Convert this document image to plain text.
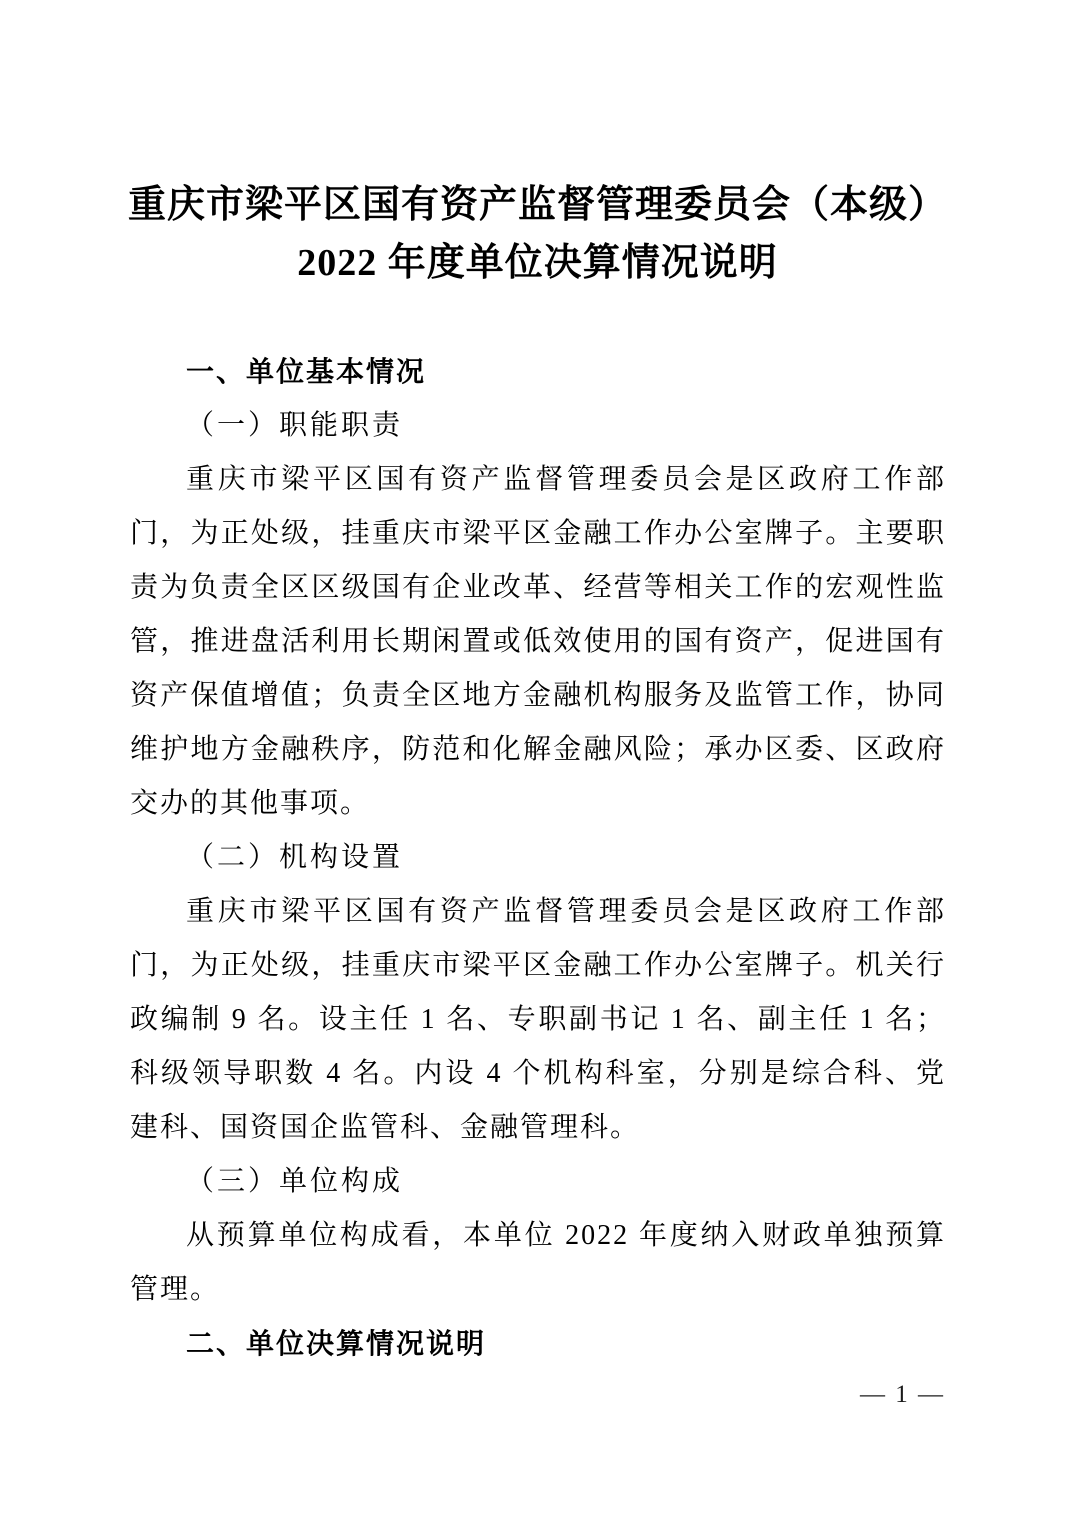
重庆市梁平区国有资产监督管理委员会（本级）
2022 年度单位决算情况说明
一、单位基本情况
（一）职能职责
重庆市梁平区国有资产监督管理委员会是区政府工作部门，为正处级，挂重庆市梁平区金融工作办公室牌子。主要职责为负责全区区级国有企业改革、经营等相关工作的宏观性监管，推进盘活利用长期闲置或低效使用的国有资产，促进国有资产保值增值；负责全区地方金融机构服务及监管工作，协同维护地方金融秩序，防范和化解金融风险；承办区委、区政府交办的其他事项。
（二）机构设置
重庆市梁平区国有资产监督管理委员会是区政府工作部门，为正处级，挂重庆市梁平区金融工作办公室牌子。机关行政编制 9 名。设主任 1 名、专职副书记 1 名、副主任 1 名；科级领导职数 4 名。内设 4 个机构科室，分别是综合科、党建科、国资国企监管科、金融管理科。
（三）单位构成
从预算单位构成看，本单位 2022 年度纳入财政单独预算管理。
二、单位决算情况说明
— 1 —
